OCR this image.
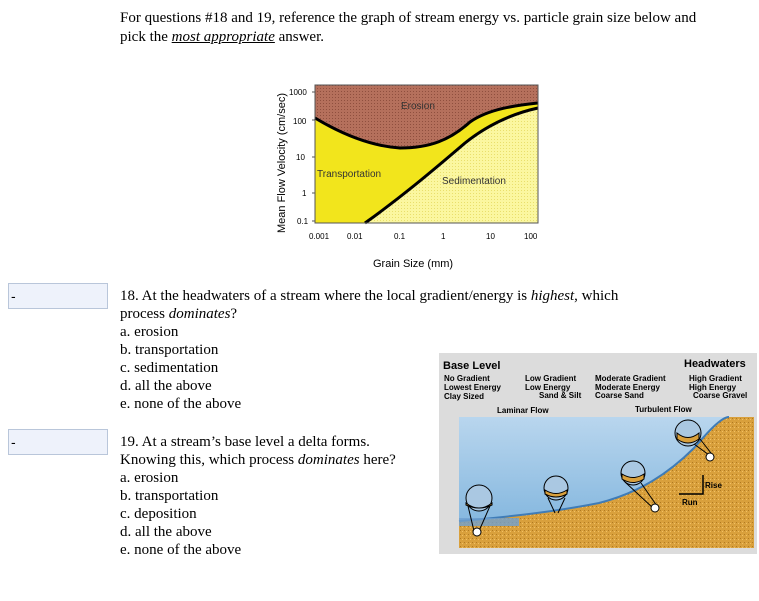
For questions #18 and 19, reference the graph of stream energy vs. particle grain size below and pick the most appropriate answer.
1000
100
10
1
0.1
0.001 0.01	0.1	1	10	100
Erosion
Transportation
Sedimentation
Mean Flow Velocity (cm/sec)
Grain Size (mm)
-	18. At the headwaters of a stream where the local gradient/energy is highest, which process dominates?
a. erosion
b. transportation
c. sedimentation
d. all the above
e. none of the above
-	19. At a stream’s base level a delta forms. Knowing this, which process dominates here?
a. erosion
b. transportation
c. deposition
d. all the above
e. none of the above
Base Level	Headwaters
No Gradient
Lowest Energy
Clay Sized
Low Gradient
Low Energy
Sand & Silt
Moderate Gradient
Moderate Energy
Coarse Sand
High Gradient
High Energy
Coarse Gravel
Laminar Flow	Turbulent Flow
Rise
Run
